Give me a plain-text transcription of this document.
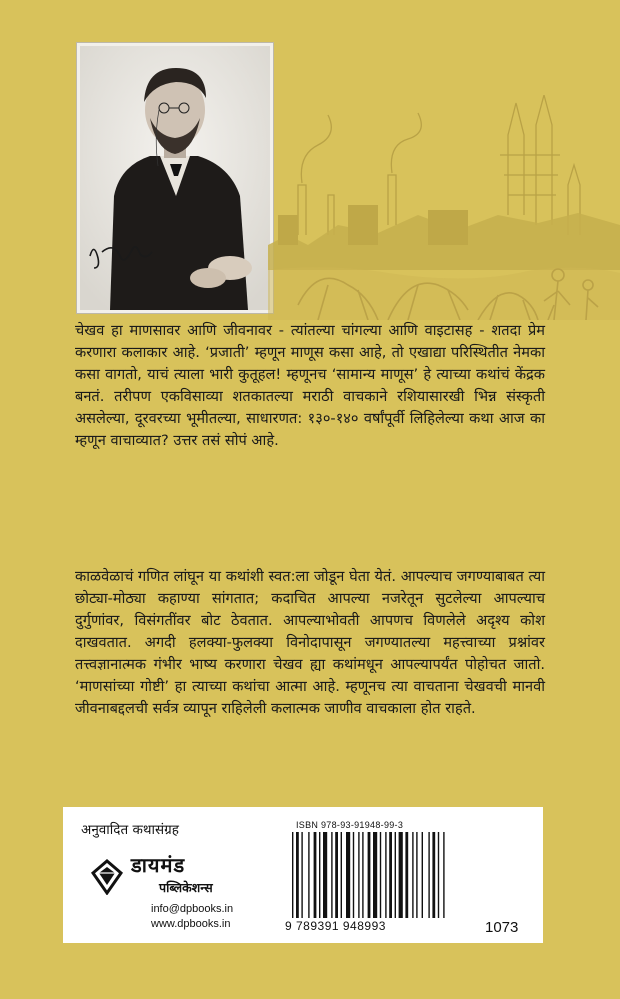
चेखव हा माणसावर आणि जीवनावर - त्यांतल्या चांगल्या आणि वाइटासह - शतदा प्रेम करणारा कलाकार आहे. ‘प्रजाती’ म्हणून माणूस कसा आहे, तो एखाद्या परिस्थितीत नेमका कसा वागतो, याचं त्याला भारी कुतूहल! म्हणूनच ‘सामान्य माणूस’ हे त्याच्या कथांचं केंद्रक बनतं. तरीपण एकविसाव्या शतकातल्या मराठी वाचकाने रशियासारखी भिन्न संस्कृती असलेल्या, दूरवरच्या भूमीतल्या, साधारणत: १३०-१४० वर्षांपूर्वी लिहिलेल्या कथा आज का म्हणून वाचाव्यात? उत्तर तसं सोपं आहे.

काळवेळाचं गणित लांघून या कथांशी स्वत:ला जोडून घेता येतं. आपल्याच जगण्याबाबत त्या छोट्या-मोठ्या कहाण्या सांगतात; कदाचित आपल्या नजरेतून सुटलेल्या आपल्याच दुर्गुणांवर, विसंगतींवर बोट ठेवतात. आपल्याभोवती आपणच विणलेले अदृश्य कोश दाखवतात. अगदी हलक्या-फुलक्या विनोदापासून जगण्यातल्या महत्त्वाच्या प्रश्नांवर तत्त्वज्ञानात्मक गंभीर भाष्य करणारा चेखव ह्या कथांमधून आपल्यापर्यंत पोहोचत जातो. ‘माणसांच्या गोष्टी’ हा त्याच्या कथांचा आत्मा आहे. म्हणूनच त्या वाचताना चेखवची मानवी जीवनाबद्दलची सर्वत्र व्यापून राहिलेली कलात्मक जाणीव वाचकाला होत राहते.

अनुवादित कथासंग्रह
डायमंड
पब्लिकेशन्स
info@dpbooks.in
www.dpbooks.in
ISBN 978-93-91948-99-3
9 789391 948993	1073
